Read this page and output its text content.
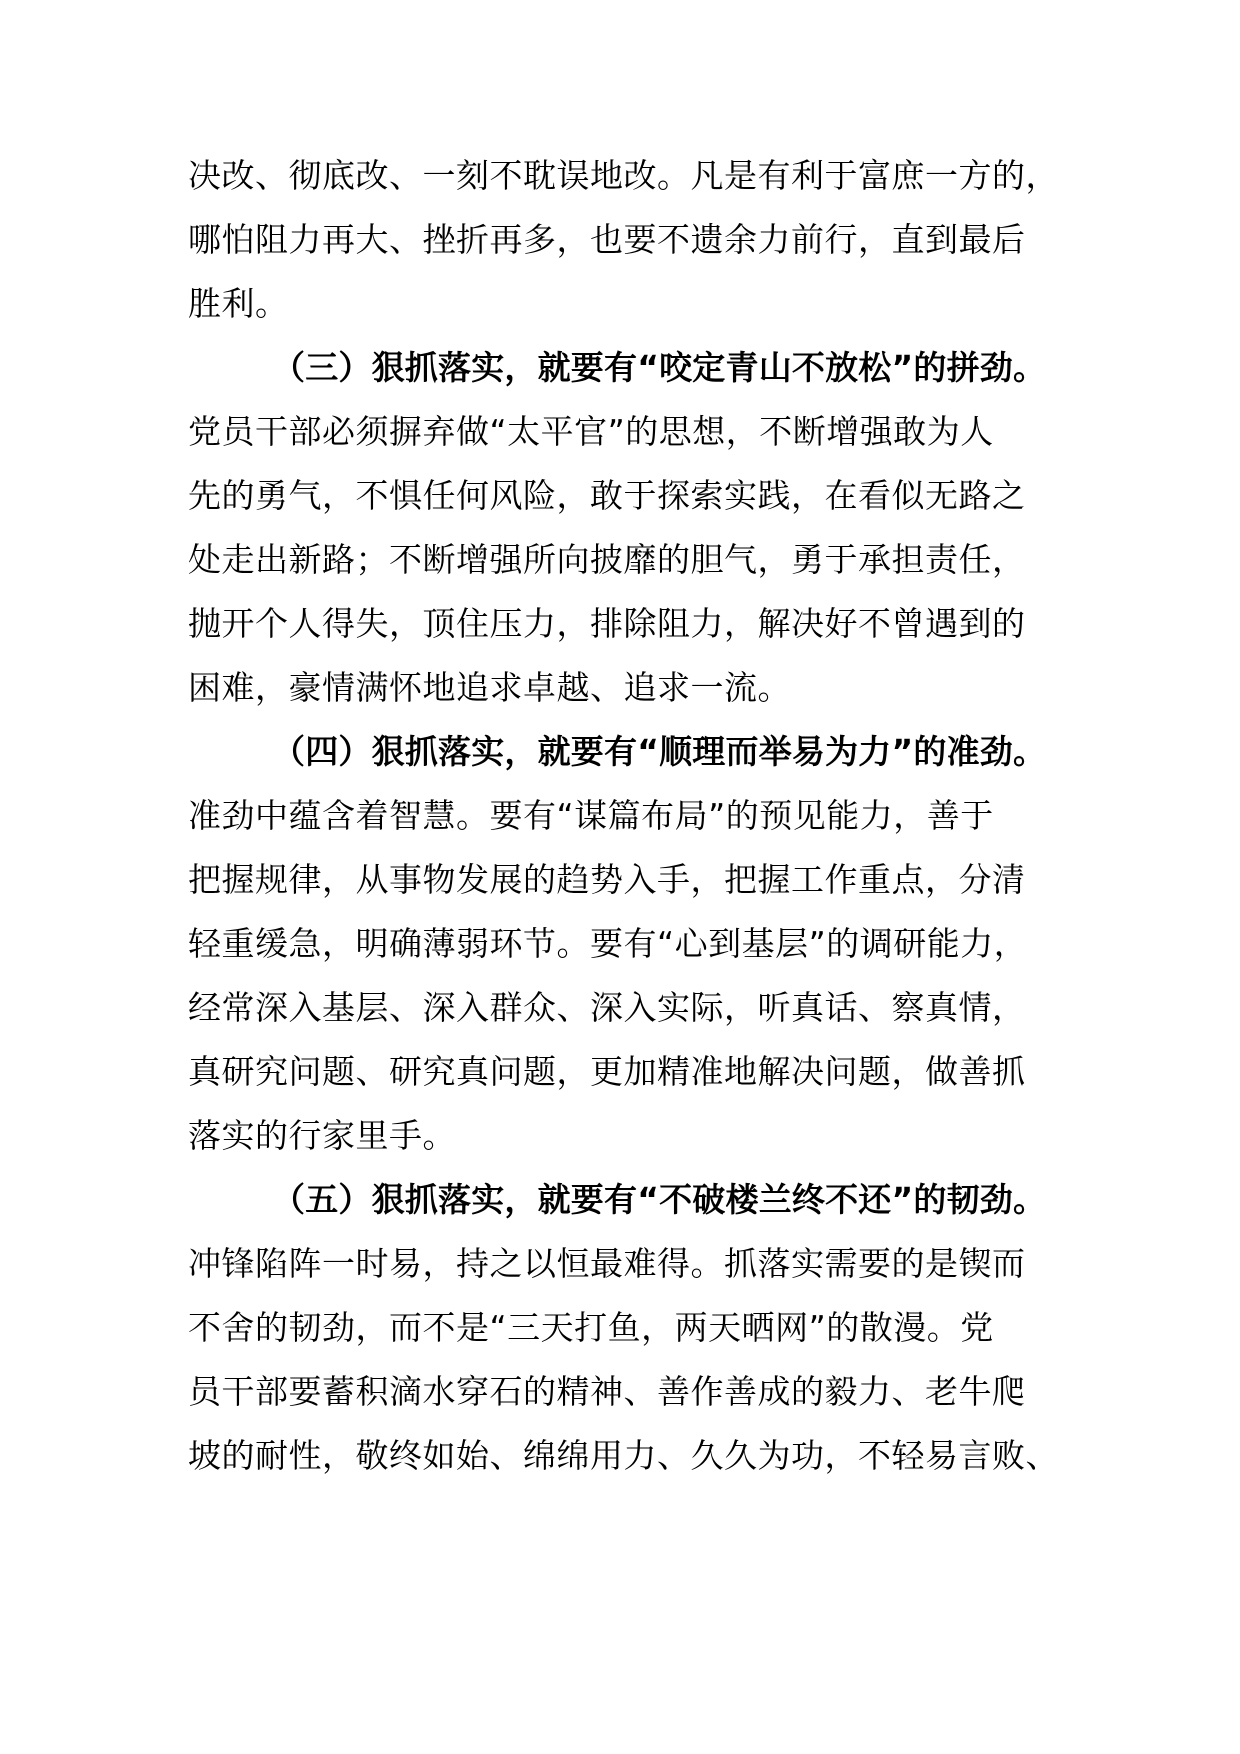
决改、彻底改、一刻不耽误地改。凡是有利于富庶一方的，
哪怕阻力再大、挫折再多，也要不遗余力前行，直到最后
胜利。
（三）狠抓落实，就要有“咬定青山不放松”的拼劲。
党员干部必须摒弃做“太平官”的思想，不断增强敢为人
先的勇气，不惧任何风险，敢于探索实践，在看似无路之
处走出新路；不断增强所向披靡的胆气，勇于承担责任，
抛开个人得失，顶住压力，排除阻力，解决好不曾遇到的
困难，豪情满怀地追求卓越、追求一流。
（四）狠抓落实，就要有“顺理而举易为力”的准劲。
准劲中蕴含着智慧。要有“谋篇布局”的预见能力，善于
把握规律，从事物发展的趋势入手，把握工作重点，分清
轻重缓急，明确薄弱环节。要有“心到基层”的调研能力，
经常深入基层、深入群众、深入实际，听真话、察真情，
真研究问题、研究真问题，更加精准地解决问题，做善抓
落实的行家里手。
（五）狠抓落实，就要有“不破楼兰终不还”的韧劲。
冲锋陷阵一时易，持之以恒最难得。抓落实需要的是锲而
不舍的韧劲，而不是“三天打鱼，两天晒网”的散漫。党
员干部要蓄积滴水穿石的精神、善作善成的毅力、老牛爬
坡的耐性，敬终如始、绵绵用力、久久为功，不轻易言败、
